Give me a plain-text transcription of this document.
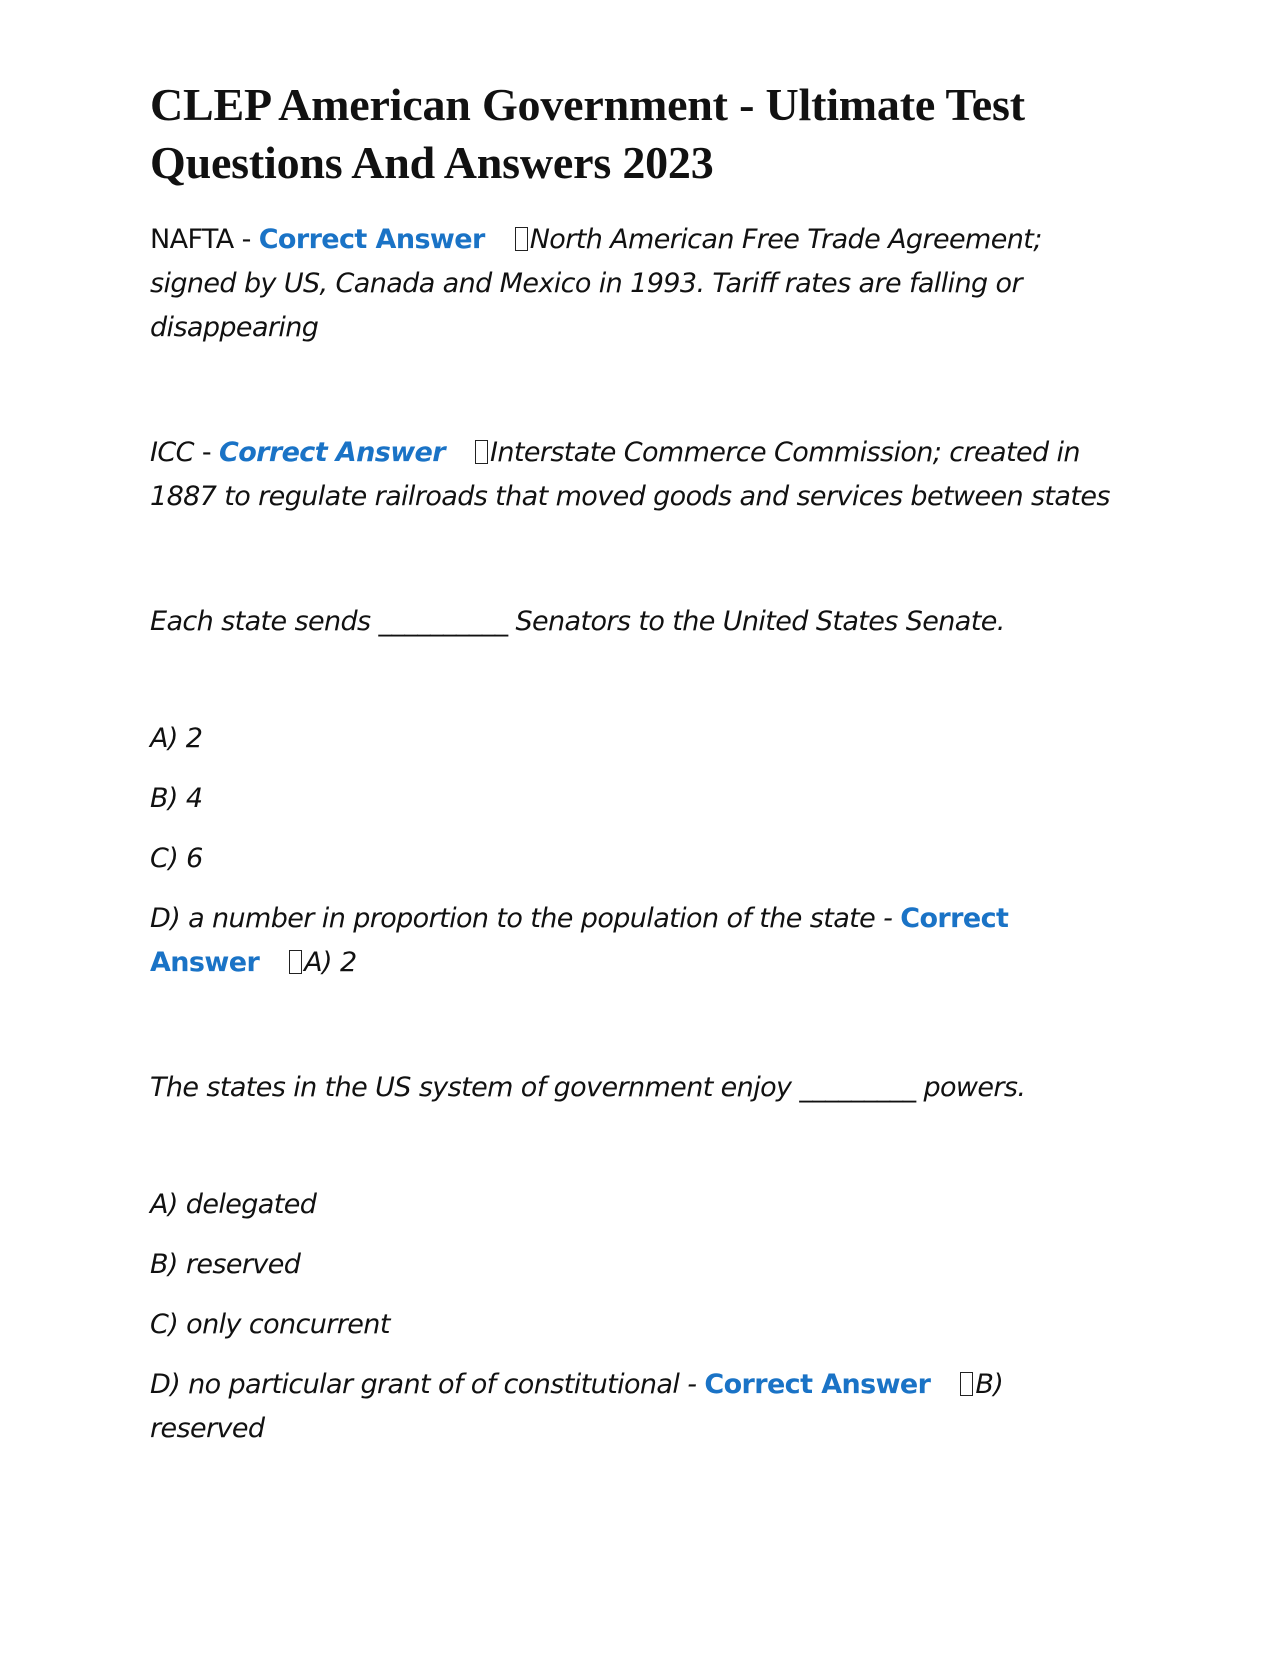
CLEP American Government - Ultimate Test Questions And Answers 2023

NAFTA - Correct Answer North American Free Trade Agreement; signed by US, Canada and Mexico in 1993. Tariff rates are falling or disappearing

ICC - Correct Answer Interstate Commerce Commission; created in 1887 to regulate railroads that moved goods and services between states

Each state sends __________ Senators to the United States Senate.

A) 2

B) 4

C) 6

D) a number in proportion to the population of the state - Correct Answer A) 2

The states in the US system of government enjoy _________ powers.

A) delegated

B) reserved

C) only concurrent

D) no particular grant of of constitutional - Correct Answer B) reserved
